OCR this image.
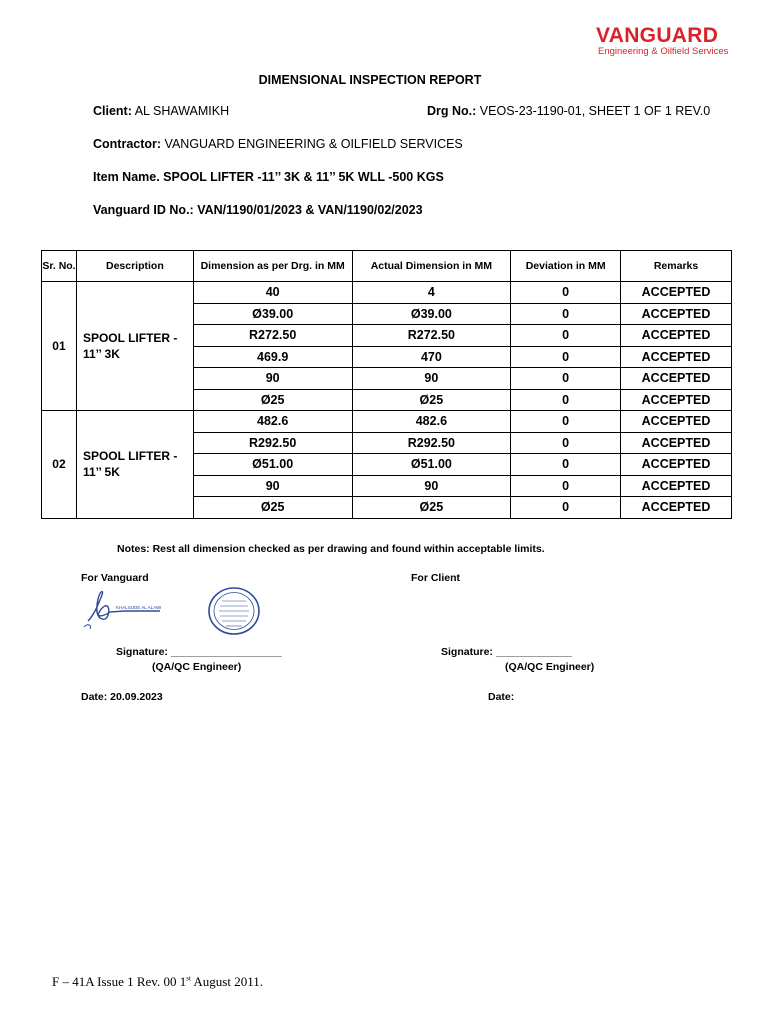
VANGUARD
Engineering & Oilfield Services
DIMENSIONAL INSPECTION REPORT
Client: AL SHAWAMIKH	Drg No.: VEOS-23-1190-01, SHEET 1 OF 1 REV.0
Contractor: VANGUARD ENGINEERING & OILFIELD SERVICES
Item Name. SPOOL LIFTER -11’’ 3K & 11’’ 5K WLL -500 KGS
Vanguard ID No.: VAN/1190/01/2023 & VAN/1190/02/2023
Sr. No.	Description	Dimension as per Drg. in MM	Actual Dimension in MM	Deviation in MM	Remarks
01	SPOOL LIFTER - 11’’ 3K	40	4	0	ACCEPTED
		Ø39.00	Ø39.00	0	ACCEPTED
		R272.50	R272.50	0	ACCEPTED
		469.9	470	0	ACCEPTED
		90	90	0	ACCEPTED
		Ø25	Ø25	0	ACCEPTED
02	SPOOL LIFTER - 11’’ 5K	482.6	482.6	0	ACCEPTED
		R292.50	R292.50	0	ACCEPTED
		Ø51.00	Ø51.00	0	ACCEPTED
		90	90	0	ACCEPTED
		Ø25	Ø25	0	ACCEPTED
Notes: Rest all dimension checked as per drawing and found within acceptable limits.
For Vanguard	For Client
KHALSUDE AL ALAWI
Signature: ___________________	Signature: _____________
(QA/QC Engineer)	(QA/QC Engineer)
Date: 20.09.2023	Date:
F – 41A Issue 1 Rev. 00 1st August 2011.
